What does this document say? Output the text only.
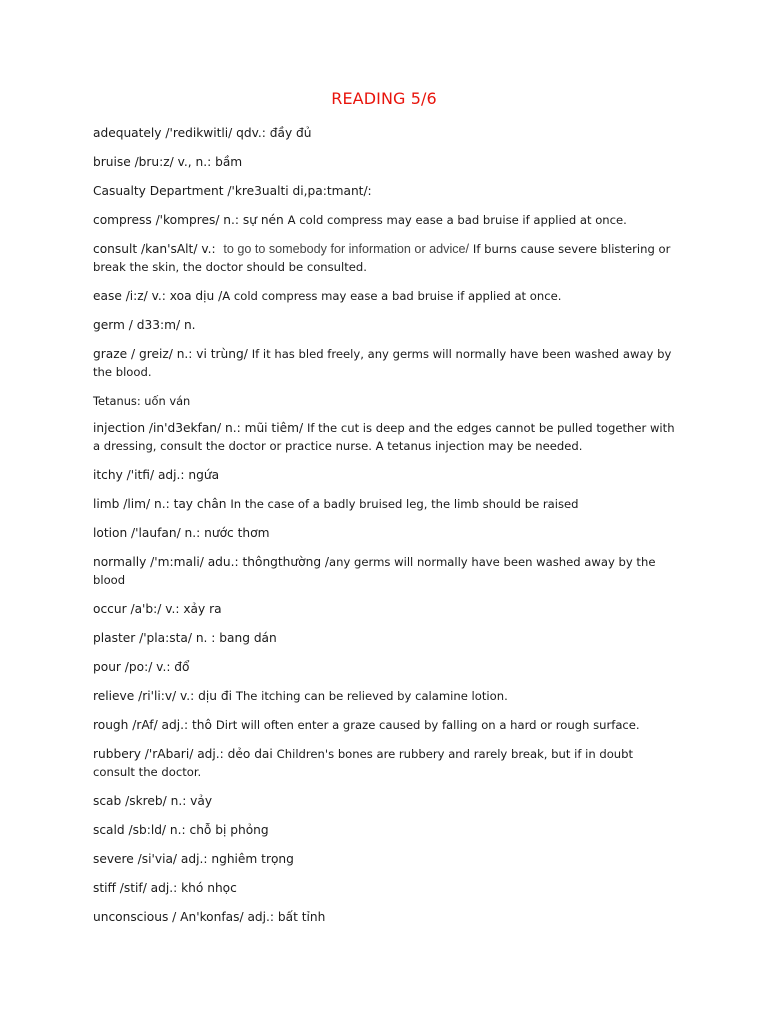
READING 5/6
adequately /'redikwitli/ qdv.: đầy đủ
bruise /bru:z/ v., n.: bầm
Casualty Department /'kre3ualti di,pa:tmant/:
compress /'kompres/ n.: sự nén A cold compress may ease a bad bruise if applied at once.
consult /kan'sAlt/ v.: to go to somebody for information or advice/ If burns cause severe blistering or break the skin, the doctor should be consulted.
ease /i:z/ v.: xoa dịu /A cold compress may ease a bad bruise if applied at once.
germ / d33:m/ n.
graze / greiz/ n.: vi trùng/ If it has bled freely, any germs will normally have been washed away by the blood.
Tetanus: uốn ván
injection /in'd3ekfan/ n.: mũi tiêm/ If the cut is deep and the edges cannot be pulled together with a dressing, consult the doctor or practice nurse. A tetanus injection may be needed.
itchy /'itfi/ adj.: ngứa
limb /lim/ n.: tay chân In the case of a badly bruised leg, the limb should be raised
lotion /'laufan/ n.: nước thơm
normally /'m:mali/ adu.: thôngthường /any germs will normally have been washed away by the blood
occur /a'b:/ v.: xảy ra
plaster /'pla:sta/ n. : bang dán
pour /po:/ v.: đổ
relieve /ri'li:v/ v.: dịu đi The itching can be relieved by calamine lotion.
rough /rAf/ adj.: thô Dirt will often enter a graze caused by falling on a hard or rough surface.
rubbery /'rAbari/ adj.: dẻo dai Children's bones are rubbery and rarely break, but if in doubt consult the doctor.
scab /skreb/ n.: vảy
scald /sb:ld/ n.: chỗ bị phỏng
severe /si'via/ adj.: nghiêm trọng
stiff /stif/ adj.: khó nhọc
unconscious / An'konfas/ adj.: bất tỉnh
